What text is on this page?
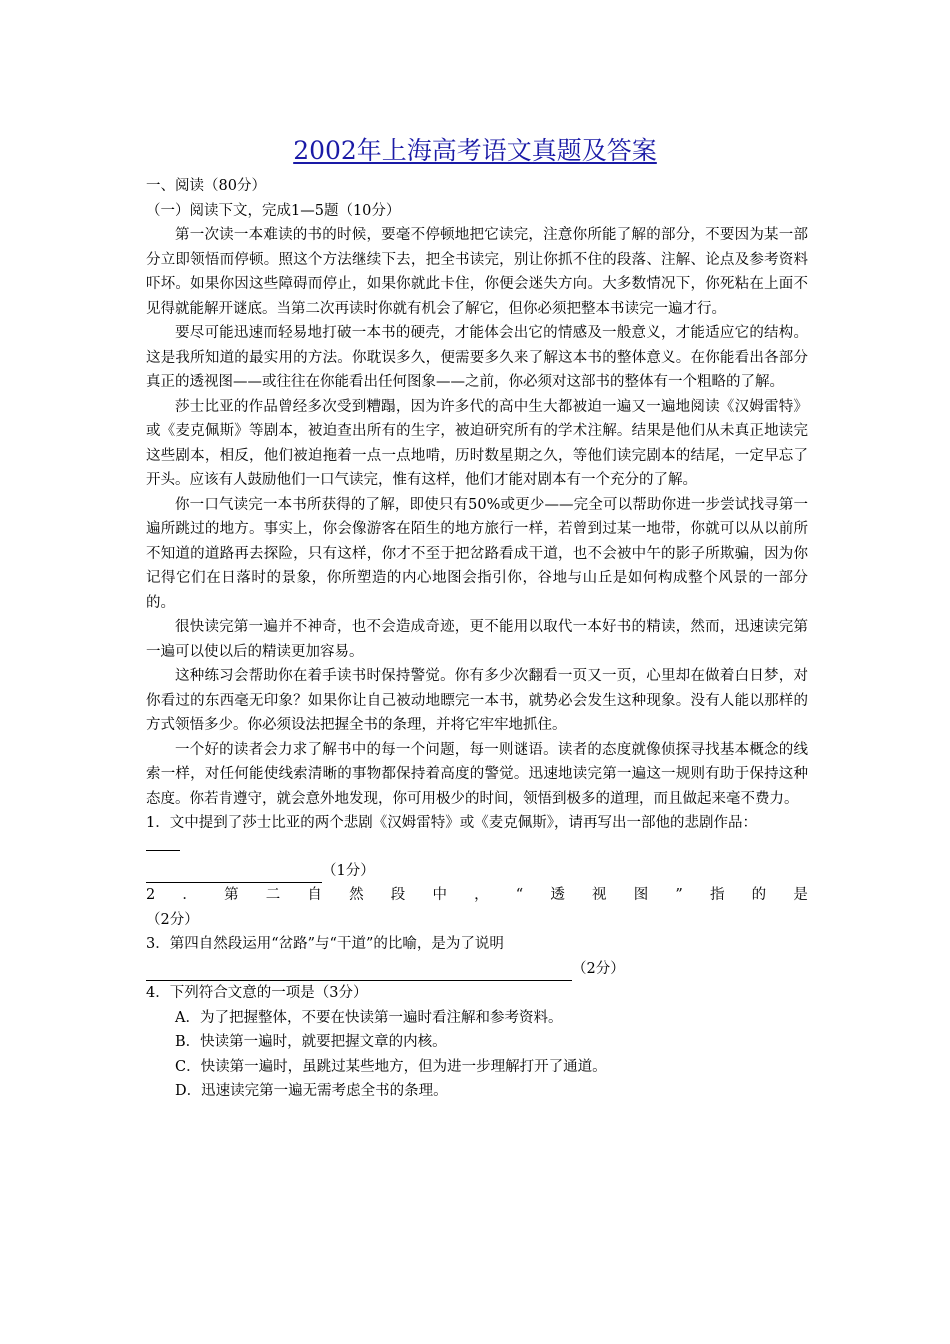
2002年上海高考语文真题及答案

一、阅读（80分）

（一）阅读下文，完成1—5题（10分）

第一次读一本难读的书的时候，要毫不停顿地把它读完，注意你所能了解的部分，不要因为某一部分立即领悟而停顿。照这个方法继续下去，把全书读完，别让你抓不住的段落、注解、论点及参考资料吓坏。如果你因这些障碍而停止，如果你就此卡住，你便会迷失方向。大多数情况下，你死粘在上面不见得就能解开谜底。当第二次再读时你就有机会了解它，但你必须把整本书读完一遍才行。

要尽可能迅速而轻易地打破一本书的硬壳，才能体会出它的情感及一般意义，才能适应它的结构。这是我所知道的最实用的方法。你耽误多久，便需要多久来了解这本书的整体意义。在你能看出各部分真正的透视图——或往往在你能看出任何图象——之前，你必须对这部书的整体有一个粗略的了解。

莎士比亚的作品曾经多次受到糟蹋，因为许多代的高中生大都被迫一遍又一遍地阅读《汉姆雷特》或《麦克佩斯》等剧本，被迫查出所有的生字，被迫研究所有的学术注解。结果是他们从未真正地读完这些剧本，相反，他们被迫拖着一点一点地啃，历时数星期之久，等他们读完剧本的结尾，一定早忘了开头。应该有人鼓励他们一口气读完，惟有这样，他们才能对剧本有一个充分的了解。

你一口气读完一本书所获得的了解，即使只有50%或更少——完全可以帮助你进一步尝试找寻第一遍所跳过的地方。事实上，你会像游客在陌生的地方旅行一样，若曾到过某一地带，你就可以从以前所不知道的道路再去探险，只有这样，你才不至于把岔路看成干道，也不会被中午的影子所欺骗，因为你记得它们在日落时的景象，你所塑造的内心地图会指引你，谷地与山丘是如何构成整个风景的一部分的。

很快读完第一遍并不神奇，也不会造成奇迹，更不能用以取代一本好书的精读，然而，迅速读完第一遍可以使以后的精读更加容易。

这种练习会帮助你在着手读书时保持警觉。你有多少次翻看一页又一页，心里却在做着白日梦，对你看过的东西毫无印象？如果你让自己被动地瞟完一本书，就势必会发生这种现象。没有人能以那样的方式领悟多少。你必须设法把握全书的条理，并将它牢牢地抓住。

一个好的读者会力求了解书中的每一个问题，每一则谜语。读者的态度就像侦探寻找基本概念的线索一样，对任何能使线索清晰的事物都保持着高度的警觉。迅速地读完第一遍这一规则有助于保持这种态度。你若肯遵守，就会意外地发现，你可用极少的时间，领悟到极多的道理，而且做起来毫不费力。

1．文中提到了莎士比亚的两个悲剧《汉姆雷特》或《麦克佩斯》，请再写出一部他的悲剧作品：

（1分）

2 ． 第 二 自 然 段 中 ， “ 透 视 图 ” 指 的 是

（2分）

3．第四自然段运用“岔路”与“干道”的比喻，是为了说明

（2分）

4．下列符合文意的一项是（3分）

A．为了把握整体，不要在快读第一遍时看注解和参考资料。

B．快读第一遍时，就要把握文章的内核。

C．快读第一遍时，虽跳过某些地方，但为进一步理解打开了通道。

D．迅速读完第一遍无需考虑全书的条理。
